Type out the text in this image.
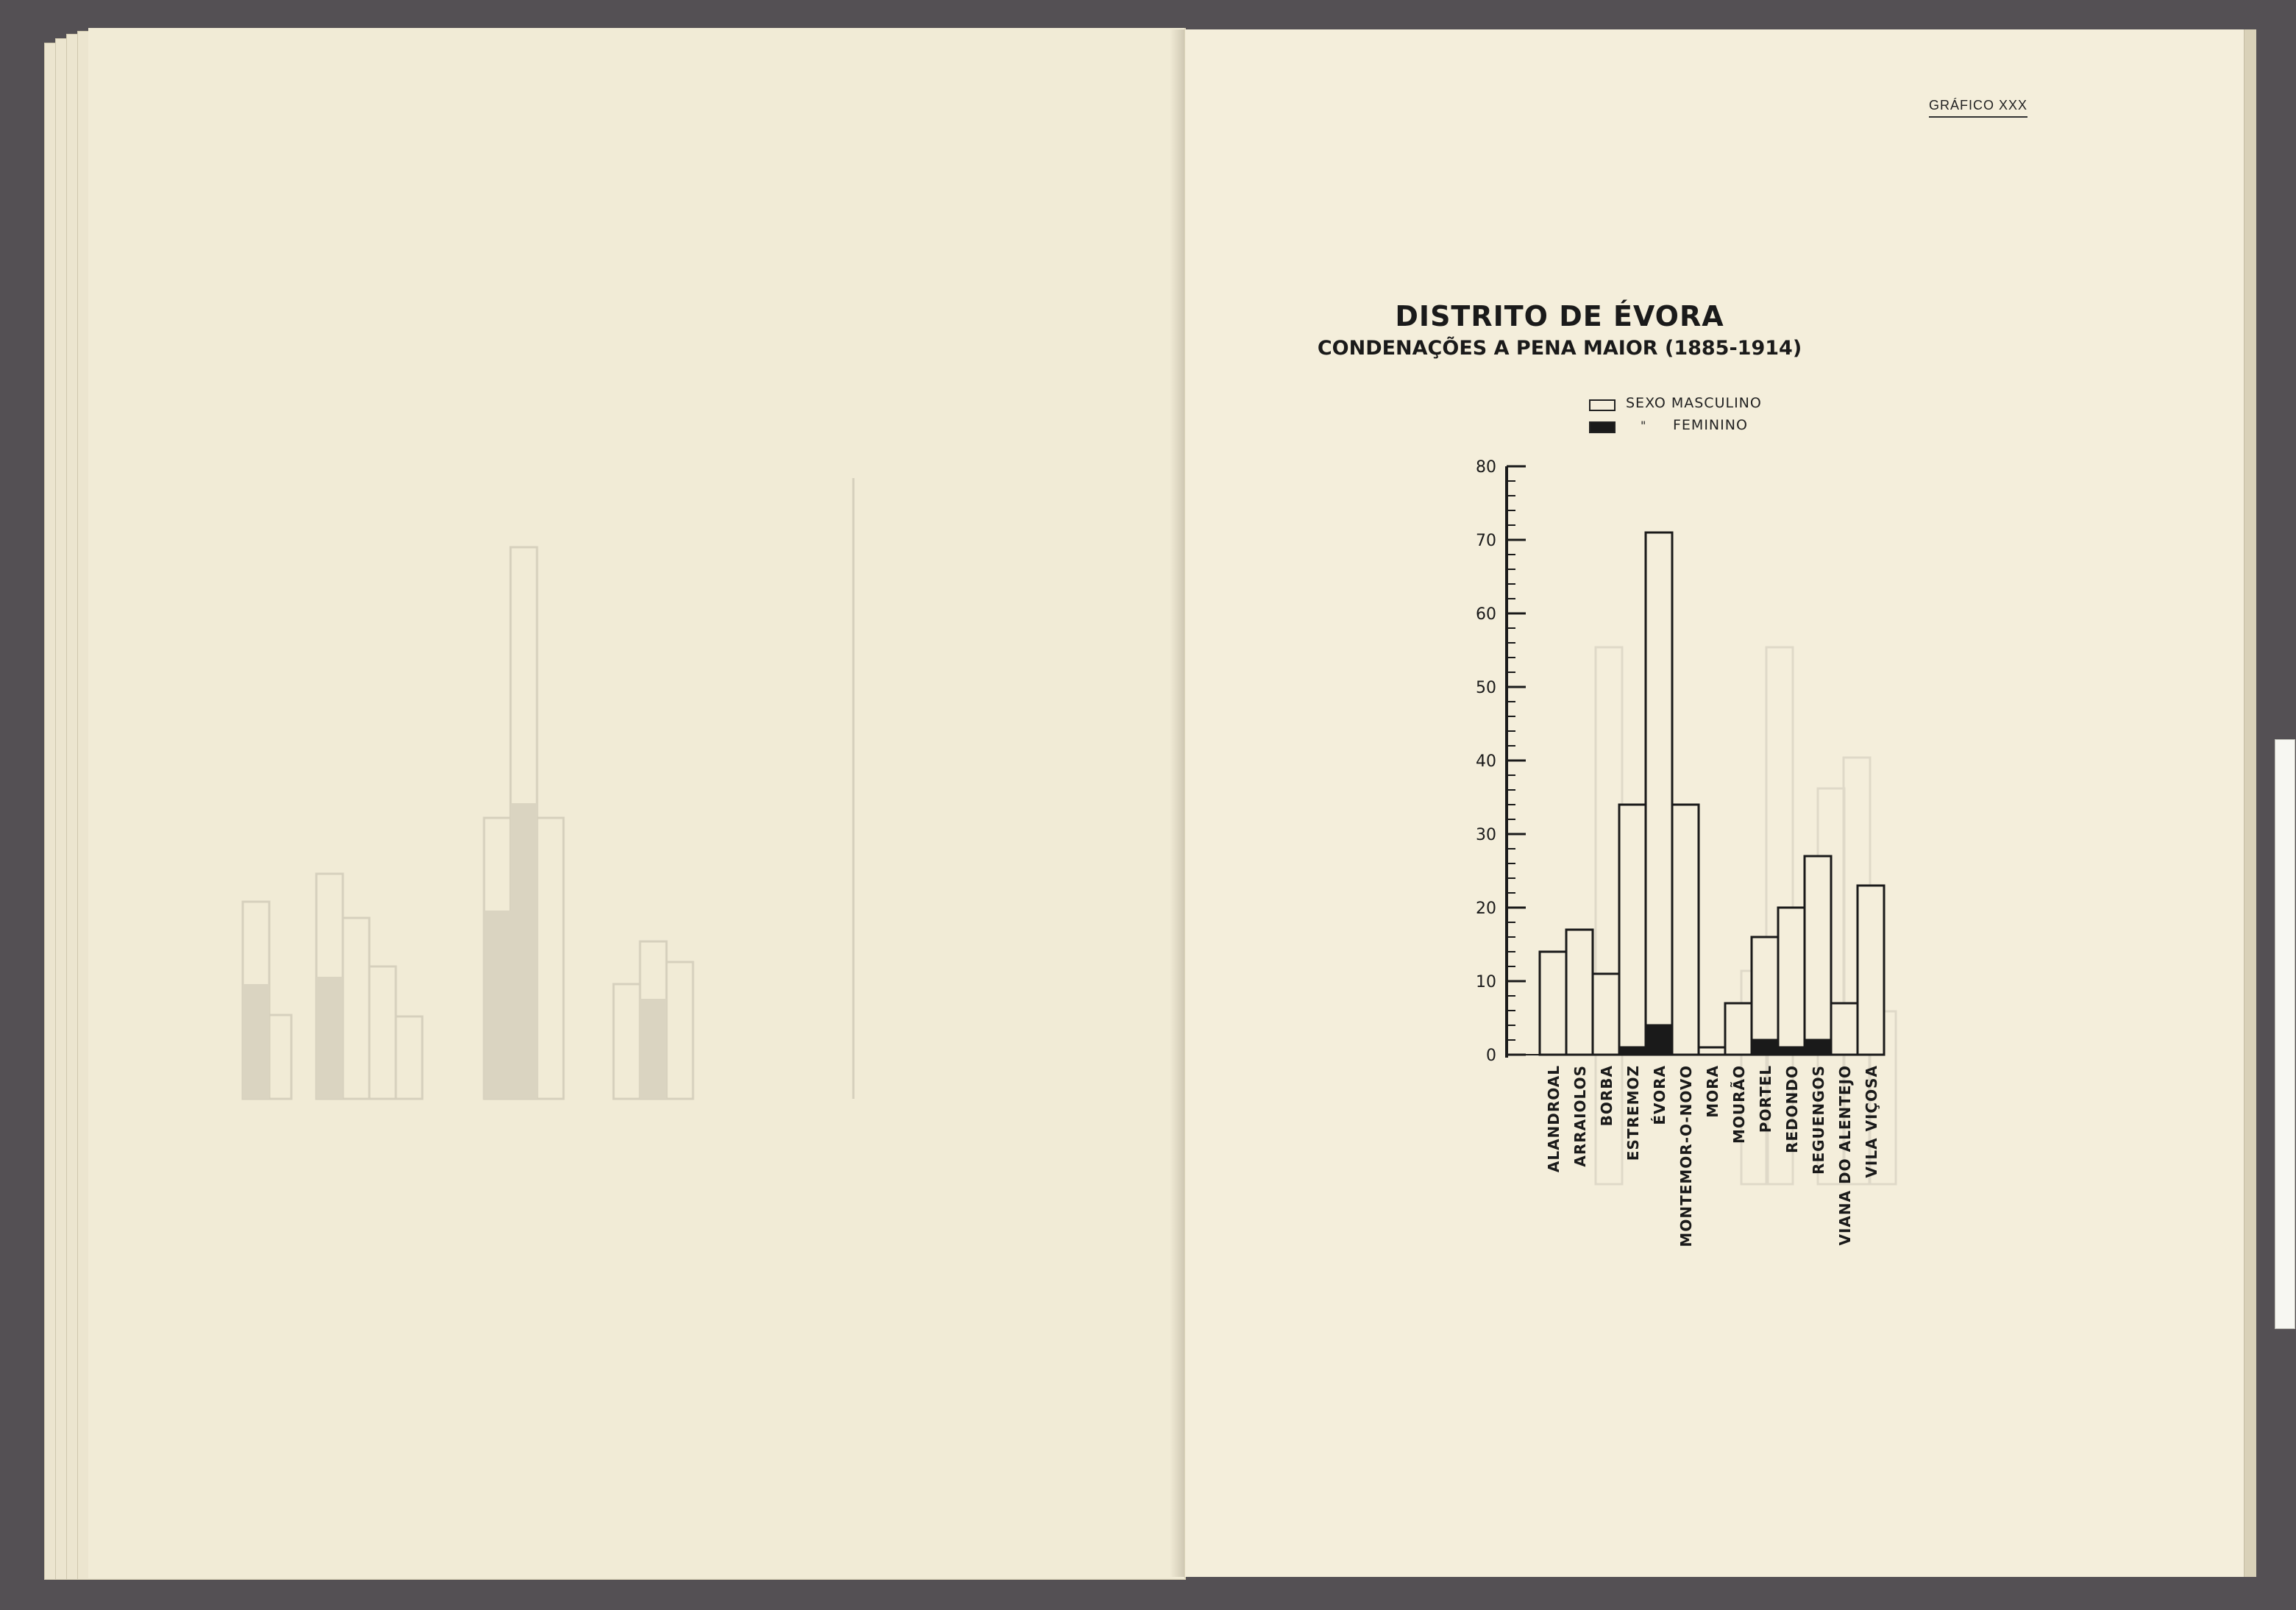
GRÁFICO XXX
DISTRITO DE ÉVORA
CONDENAÇÕES A PENA MAIOR (1885-1914)
SEXO MASCULINO
" FEMININO
0
10
20
30
40
50
60
70
80
ALANDROAL ARRAIOLOS BORBA ESTREMOZ ÉVORA MONTEMOR-O-NOVO MORA MOURÃO PORTEL REDONDO REGUENGOS VIANA DO ALENTEJO VILA VIÇOSA
